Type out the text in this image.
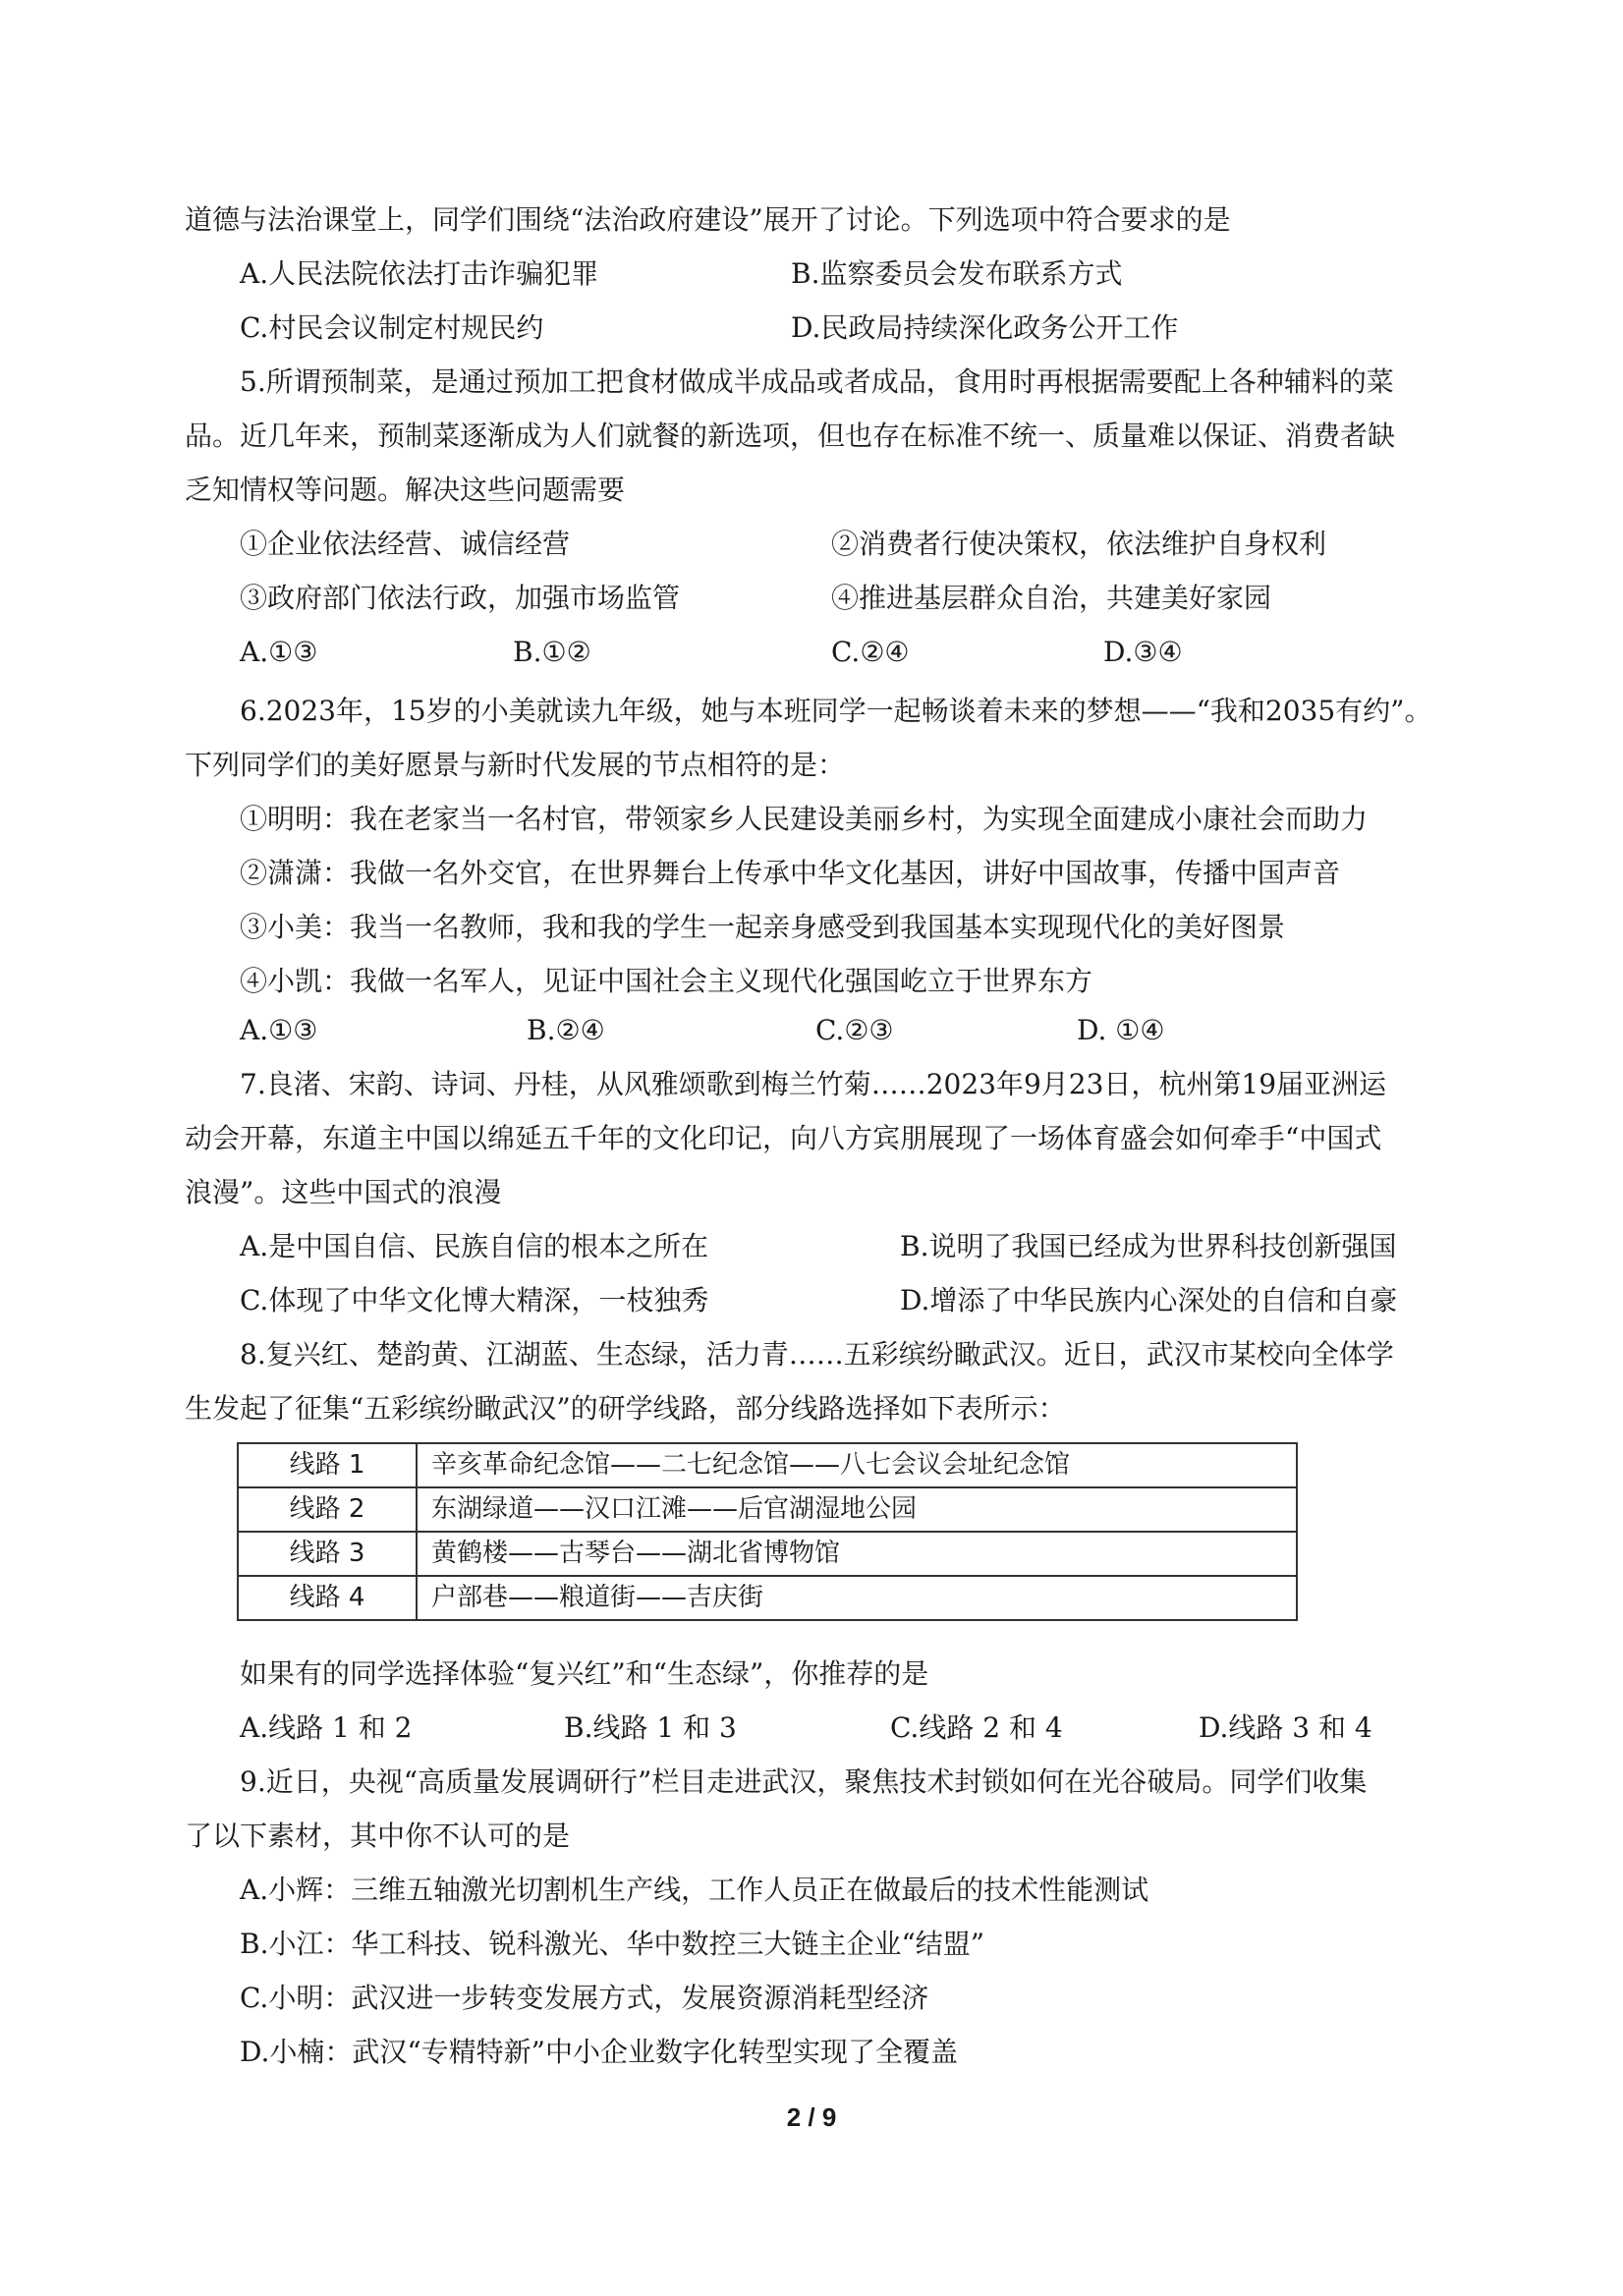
道德与法治课堂上，同学们围绕“法治政府建设”展开了讨论。下列选项中符合要求的是
A.人民法院依法打击诈骗犯罪	B.监察委员会发布联系方式
C.村民会议制定村规民约	D.民政局持续深化政务公开工作
5.所谓预制菜，是通过预加工把食材做成半成品或者成品，食用时再根据需要配上各种辅料的菜
品。近几年来，预制菜逐渐成为人们就餐的新选项，但也存在标准不统一、质量难以保证、消费者缺
乏知情权等问题。解决这些问题需要
①企业依法经营、诚信经营	②消费者行使决策权，依法维护自身权利
③政府部门依法行政，加强市场监管	④推进基层群众自治，共建美好家园
A.①③	B.①②	C.②④	D.③④
6.2023年，15岁的小美就读九年级，她与本班同学一起畅谈着未来的梦想——“我和2035有约”。
下列同学们的美好愿景与新时代发展的节点相符的是：
①明明：我在老家当一名村官，带领家乡人民建设美丽乡村，为实现全面建成小康社会而助力
②潇潇：我做一名外交官，在世界舞台上传承中华文化基因，讲好中国故事，传播中国声音
③小美：我当一名教师，我和我的学生一起亲身感受到我国基本实现现代化的美好图景
④小凯：我做一名军人，见证中国社会主义现代化强国屹立于世界东方
A.①③	B.②④	C.②③	D. ①④
7.良渚、宋韵、诗词、丹桂，从风雅颂歌到梅兰竹菊……2023年9月23日，杭州第19届亚洲运
动会开幕，东道主中国以绵延五千年的文化印记，向八方宾朋展现了一场体育盛会如何牵手“中国式
浪漫”。这些中国式的浪漫
A.是中国自信、民族自信的根本之所在	B.说明了我国已经成为世界科技创新强国
C.体现了中华文化博大精深，一枝独秀	D.增添了中华民族内心深处的自信和自豪
8.复兴红、楚韵黄、江湖蓝、生态绿，活力青……五彩缤纷瞰武汉。近日，武汉市某校向全体学
生发起了征集“五彩缤纷瞰武汉”的研学线路，部分线路选择如下表所示：
线路 1	辛亥革命纪念馆——二七纪念馆——八七会议会址纪念馆
线路 2	东湖绿道——汉口江滩——后官湖湿地公园
线路 3	黄鹤楼——古琴台——湖北省博物馆
线路 4	户部巷——粮道街——吉庆街
如果有的同学选择体验“复兴红”和“生态绿”，你推荐的是
A.线路 1 和 2	B.线路 1 和 3	C.线路 2 和 4	D.线路 3 和 4
9.近日，央视“高质量发展调研行”栏目走进武汉，聚焦技术封锁如何在光谷破局。同学们收集
了以下素材，其中你不认可的是
A.小辉：三维五轴激光切割机生产线，工作人员正在做最后的技术性能测试
B.小江：华工科技、锐科激光、华中数控三大链主企业“结盟”
C.小明：武汉进一步转变发展方式，发展资源消耗型经济
D.小楠：武汉“专精特新”中小企业数字化转型实现了全覆盖
2 / 9
